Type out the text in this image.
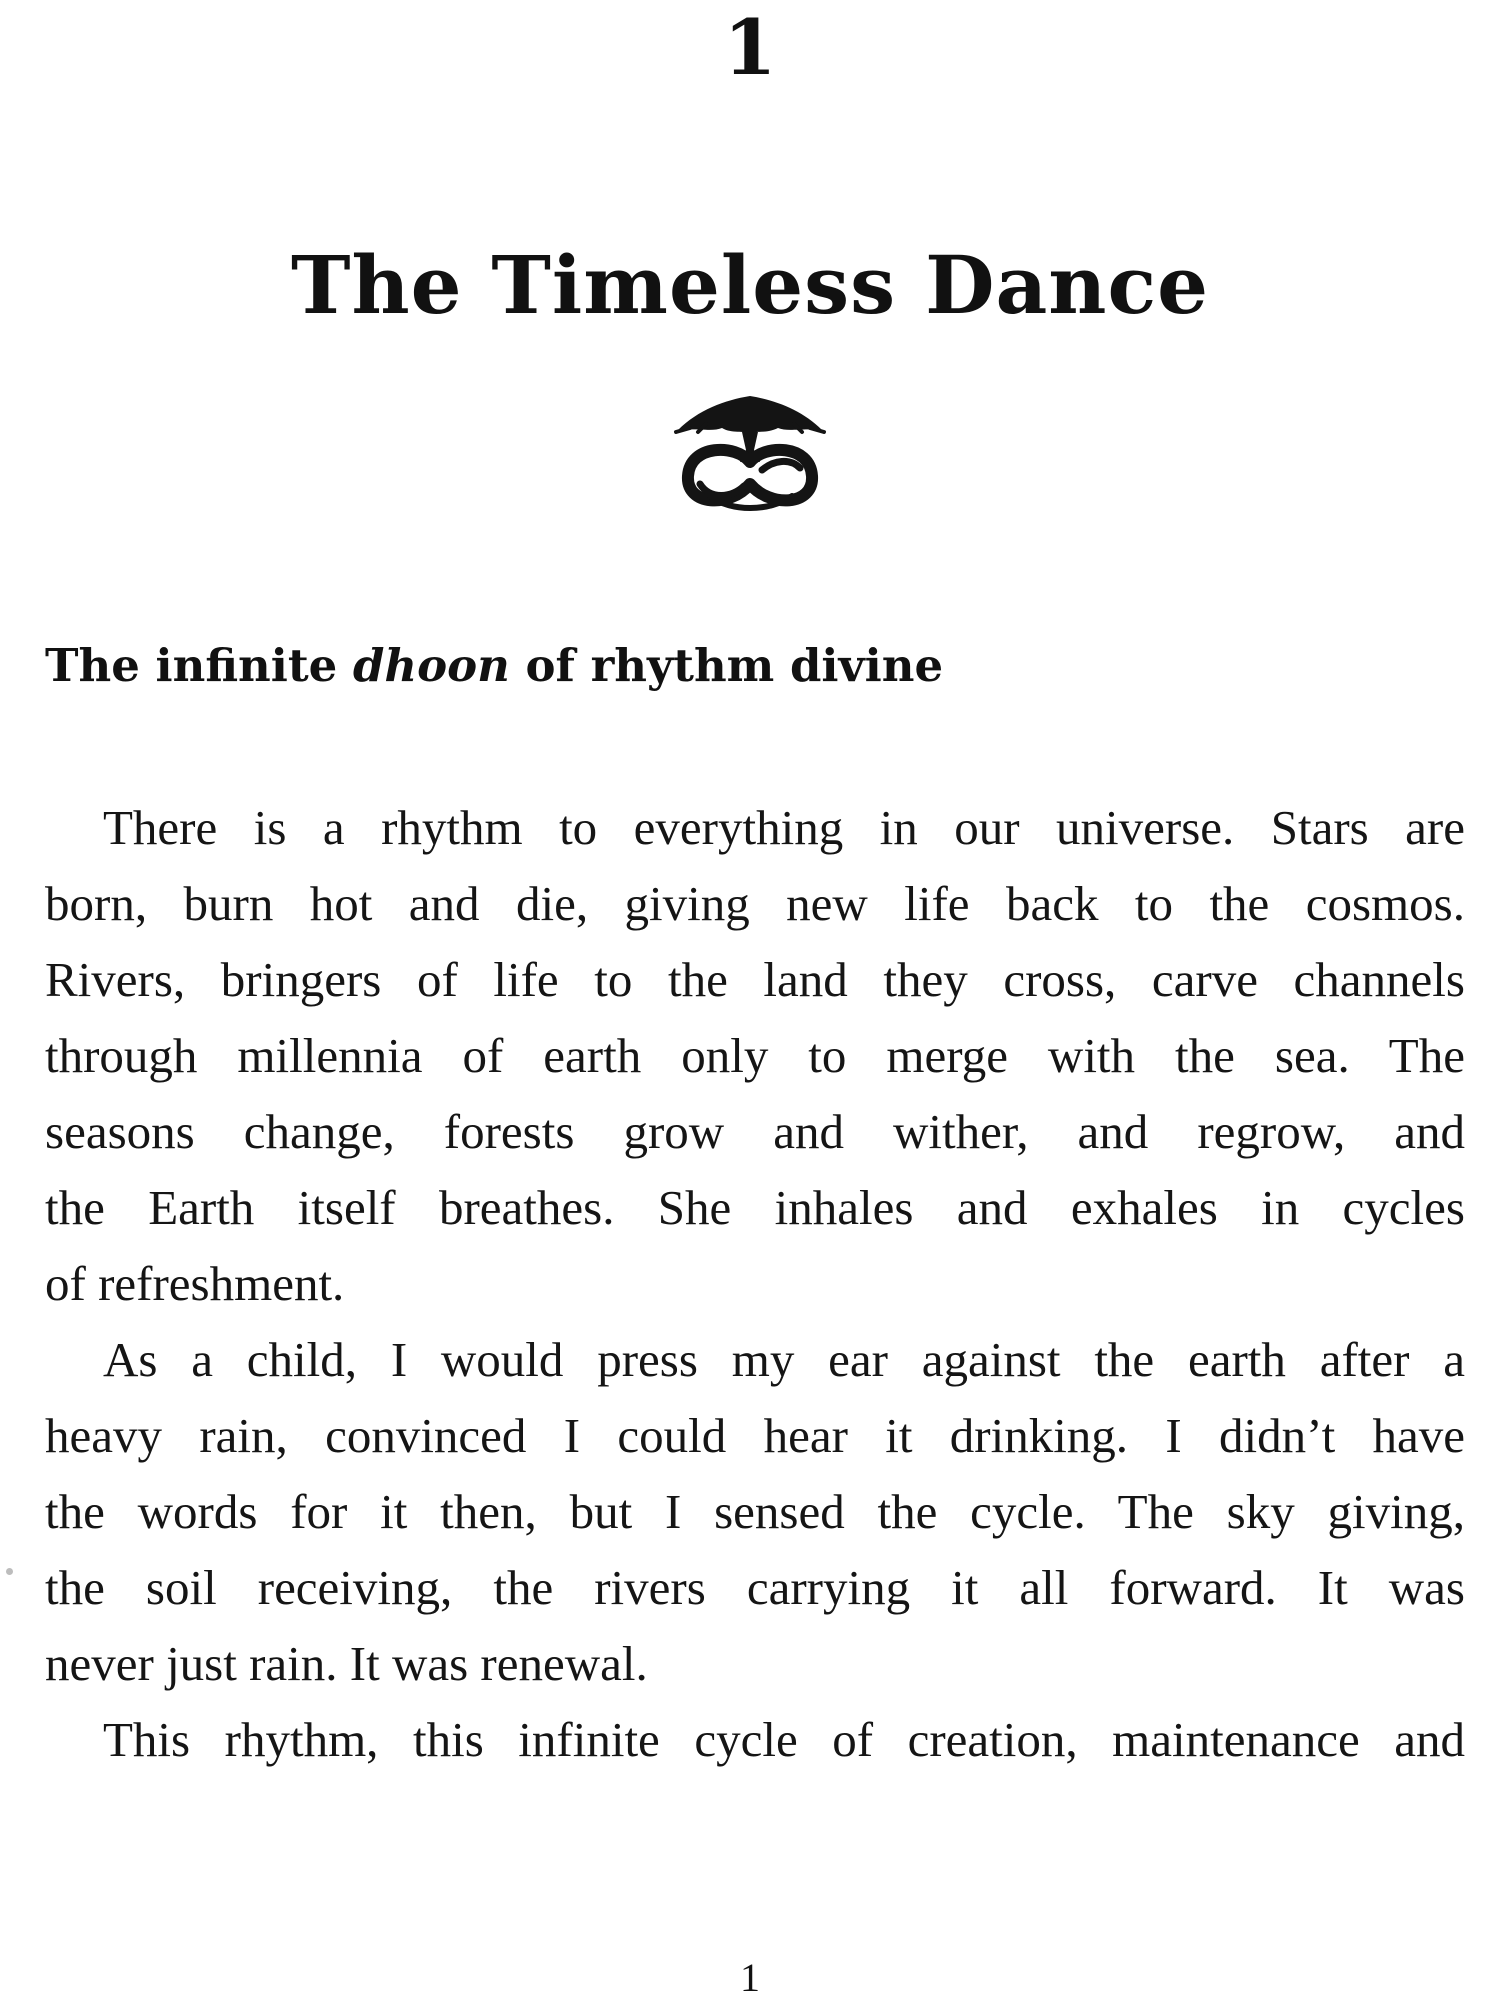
1
The Timeless Dance
The infinite dhoon of rhythm divine
There is a rhythm to everything in our universe. Stars are
born, burn hot and die, giving new life back to the cosmos.
Rivers, bringers of life to the land they cross, carve channels
through millennia of earth only to merge with the sea. The
seasons change, forests grow and wither, and regrow, and
the Earth itself breathes. She inhales and exhales in cycles
of refreshment.
As a child, I would press my ear against the earth after a
heavy rain, convinced I could hear it drinking. I didn’t have
the words for it then, but I sensed the cycle. The sky giving,
the soil receiving, the rivers carrying it all forward. It was
never just rain. It was renewal.
This rhythm, this infinite cycle of creation, maintenance and
1
